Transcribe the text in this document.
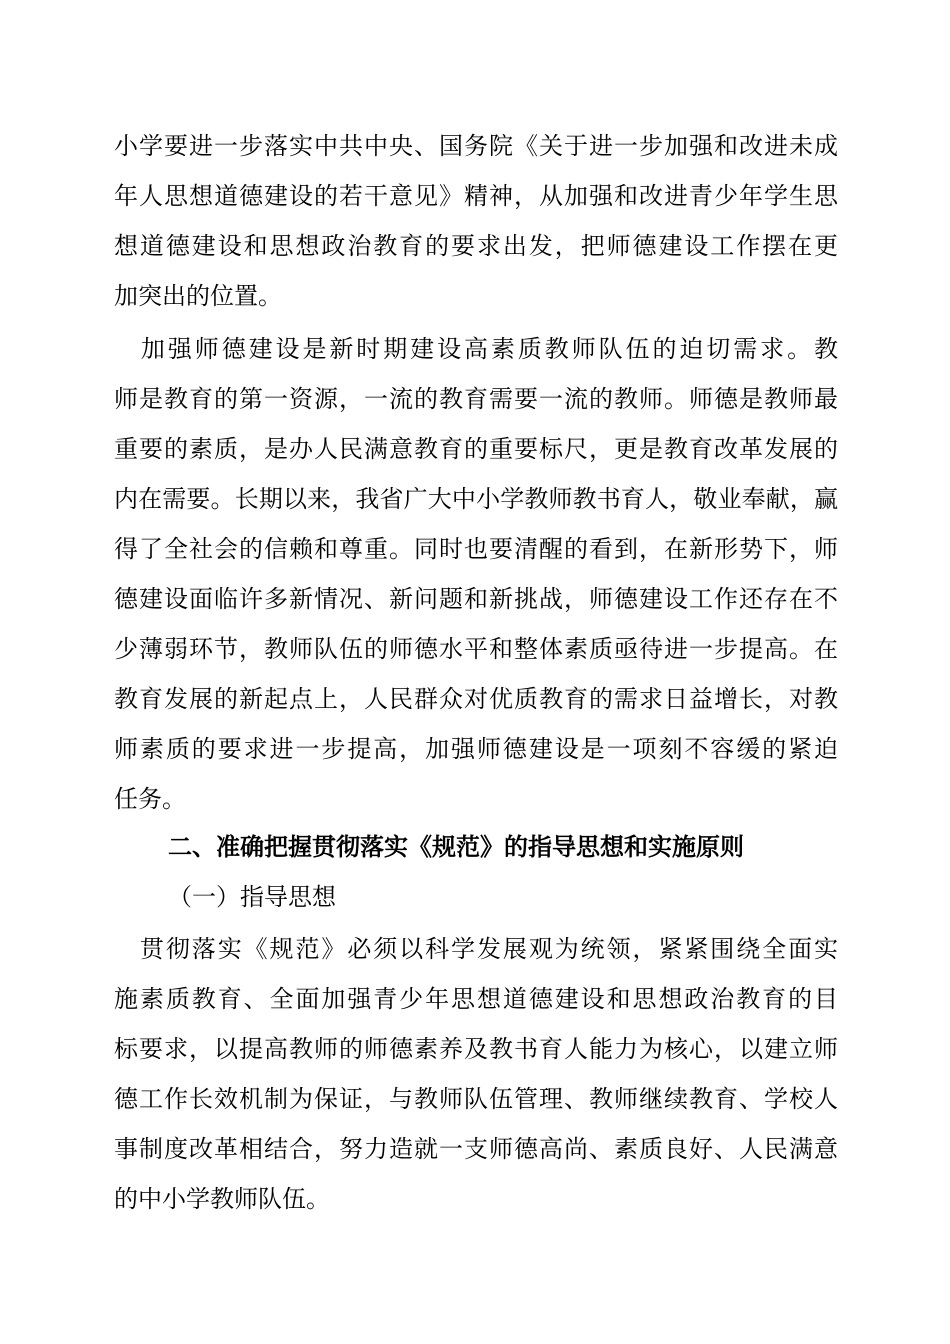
小学要进一步落实中共中央、国务院《关于进一步加强和改进未成
年人思想道德建设的若干意见》精神，从加强和改进青少年学生思
想道德建设和思想政治教育的要求出发，把师德建设工作摆在更
加突出的位置。
　加强师德建设是新时期建设高素质教师队伍的迫切需求。教
师是教育的第一资源，一流的教育需要一流的教师。师德是教师最
重要的素质，是办人民满意教育的重要标尺，更是教育改革发展的
内在需要。长期以来，我省广大中小学教师教书育人，敬业奉献，赢
得了全社会的信赖和尊重。同时也要清醒的看到，在新形势下，师
德建设面临许多新情况、新问题和新挑战，师德建设工作还存在不
少薄弱环节，教师队伍的师德水平和整体素质亟待进一步提高。在
教育发展的新起点上，人民群众对优质教育的需求日益增长，对教
师素质的要求进一步提高，加强师德建设是一项刻不容缓的紧迫
任务。
二、准确把握贯彻落实《规范》的指导思想和实施原则
（一）指导思想
　贯彻落实《规范》必须以科学发展观为统领，紧紧围绕全面实
施素质教育、全面加强青少年思想道德建设和思想政治教育的目
标要求，以提高教师的师德素养及教书育人能力为核心，以建立师
德工作长效机制为保证，与教师队伍管理、教师继续教育、学校人
事制度改革相结合，努力造就一支师德高尚、素质良好、人民满意
的中小学教师队伍。
